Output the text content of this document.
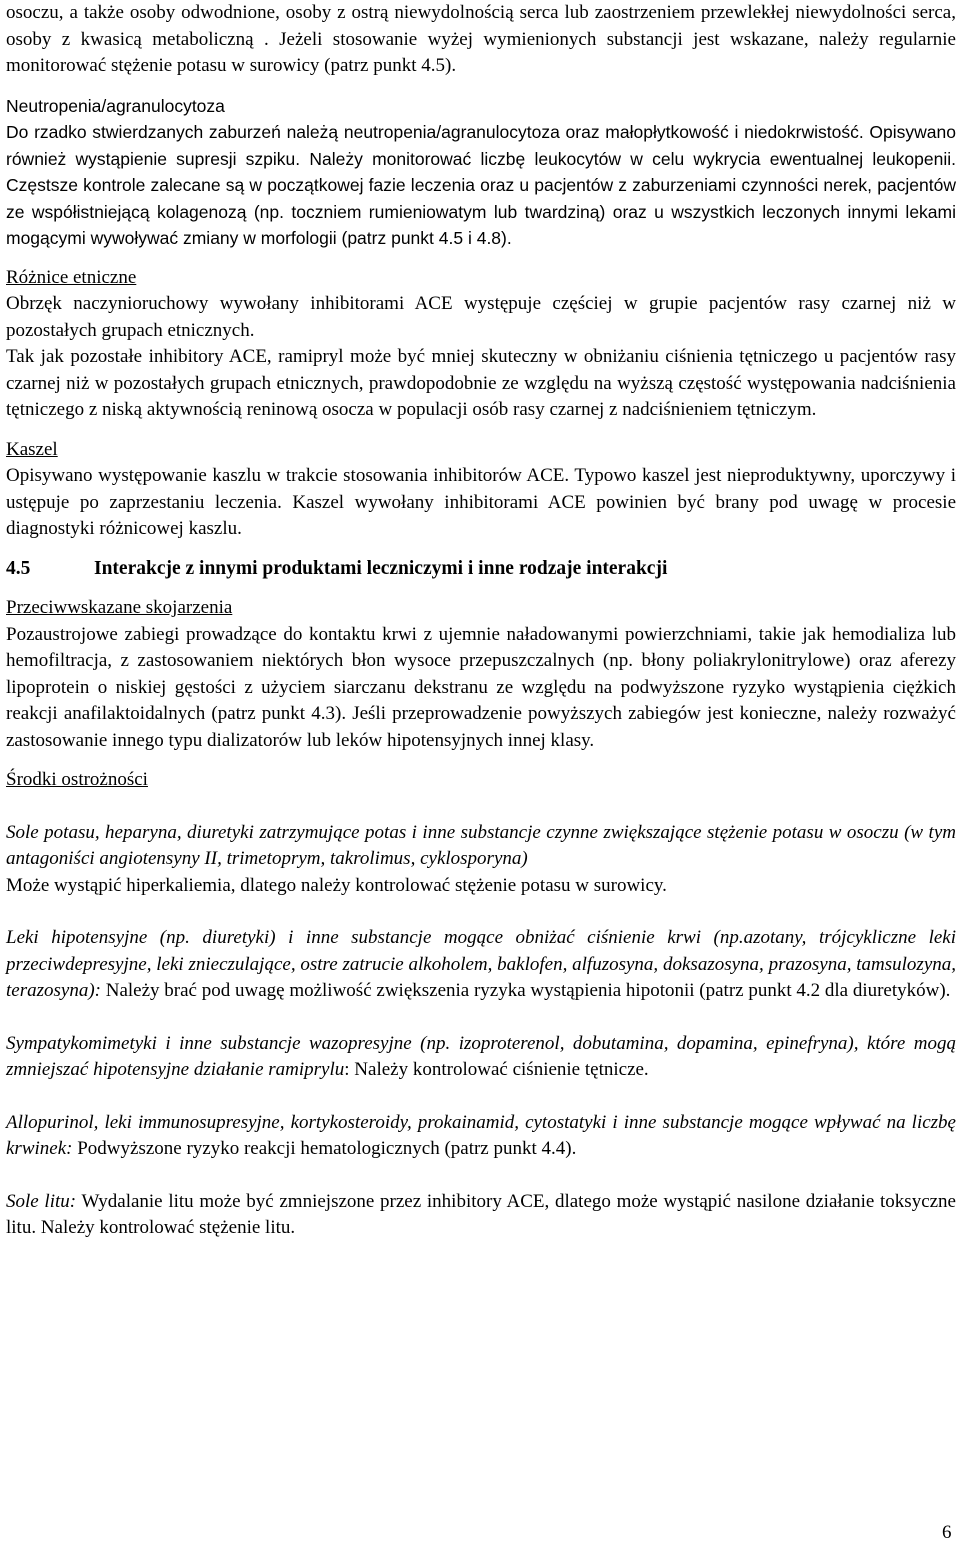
osoczu, a także osoby odwodnione, osoby z ostrą niewydolnością serca lub zaostrzeniem przewlekłej niewydolności serca, osoby z kwasicą metaboliczną . Jeżeli stosowanie wyżej wymienionych substancji jest wskazane, należy regularnie monitorować stężenie potasu w surowicy (patrz punkt 4.5).

Neutropenia/agranulocytoza

Do rzadko stwierdzanych zaburzeń należą neutropenia/agranulocytoza oraz małopłytkowość i niedokrwistość. Opisywano również wystąpienie supresji szpiku. Należy monitorować liczbę leukocytów w celu wykrycia ewentualnej leukopenii. Częstsze kontrole zalecane są w początkowej fazie leczenia oraz u pacjentów z zaburzeniami czynności nerek, pacjentów ze współistniejącą kolagenozą (np. toczniem rumieniowatym lub twardziną) oraz u wszystkich leczonych innymi lekami mogącymi wywoływać zmiany w morfologii (patrz punkt 4.5 i 4.8).

Różnice etniczne

Obrzęk naczynioruchowy wywołany inhibitorami ACE występuje częściej w grupie pacjentów rasy czarnej niż w pozostałych grupach etnicznych.

Tak jak pozostałe inhibitory ACE, ramipryl może być mniej skuteczny w obniżaniu ciśnienia tętniczego u pacjentów rasy czarnej niż w pozostałych grupach etnicznych, prawdopodobnie ze względu na wyższą częstość występowania nadciśnienia tętniczego z niską aktywnością reninową osocza w populacji osób rasy czarnej z nadciśnieniem tętniczym.

Kaszel

Opisywano występowanie kaszlu w trakcie stosowania inhibitorów ACE. Typowo kaszel jest nieproduktywny, uporczywy i ustępuje po zaprzestaniu leczenia. Kaszel wywołany inhibitorami ACE powinien być brany pod uwagę w procesie diagnostyki różnicowej kaszlu.

4.5	Interakcje z innymi produktami leczniczymi i inne rodzaje interakcji

Przeciwwskazane skojarzenia

Pozaustrojowe zabiegi prowadzące do kontaktu krwi z ujemnie naładowanymi powierzchniami, takie jak hemodializa lub hemofiltracja, z zastosowaniem niektórych błon wysoce przepuszczalnych (np. błony poliakrylonitrylowe) oraz aferezy lipoprotein o niskiej gęstości z użyciem siarczanu dekstranu ze względu na podwyższone ryzyko wystąpienia ciężkich reakcji anafilaktoidalnych (patrz punkt 4.3). Jeśli przeprowadzenie powyższych zabiegów jest konieczne, należy rozważyć zastosowanie innego typu dializatorów lub leków hipotensyjnych innej klasy.

Środki ostrożności

Sole potasu, heparyna, diuretyki zatrzymujące potas i inne substancje czynne zwiększające stężenie potasu w osoczu (w tym antagoniści angiotensyny II, trimetoprym, takrolimus, cyklosporyna)
Może wystąpić hiperkaliemia, dlatego należy kontrolować stężenie potasu w surowicy.

Leki hipotensyjne (np. diuretyki) i inne substancje mogące obniżać ciśnienie krwi (np.azotany, trójcykliczne leki przeciwdepresyjne, leki znieczulające, ostre zatrucie alkoholem, baklofen, alfuzosyna, doksazosyna, prazosyna, tamsulozyna, terazosyna): Należy brać pod uwagę możliwość zwiększenia ryzyka wystąpienia hipotonii (patrz punkt 4.2 dla diuretyków).

Sympatykomimetyki i inne substancje wazopresyjne (np. izoproterenol, dobutamina, dopamina, epinefryna), które mogą zmniejszać hipotensyjne działanie ramiprylu: Należy kontrolować ciśnienie tętnicze.

Allopurinol, leki immunosupresyjne, kortykosteroidy, prokainamid, cytostatyki i inne substancje mogące wpływać na liczbę krwinek: Podwyższone ryzyko reakcji hematologicznych (patrz punkt 4.4).

Sole litu: Wydalanie litu może być zmniejszone przez inhibitory ACE, dlatego może wystąpić nasilone działanie toksyczne litu. Należy kontrolować stężenie litu.

6
